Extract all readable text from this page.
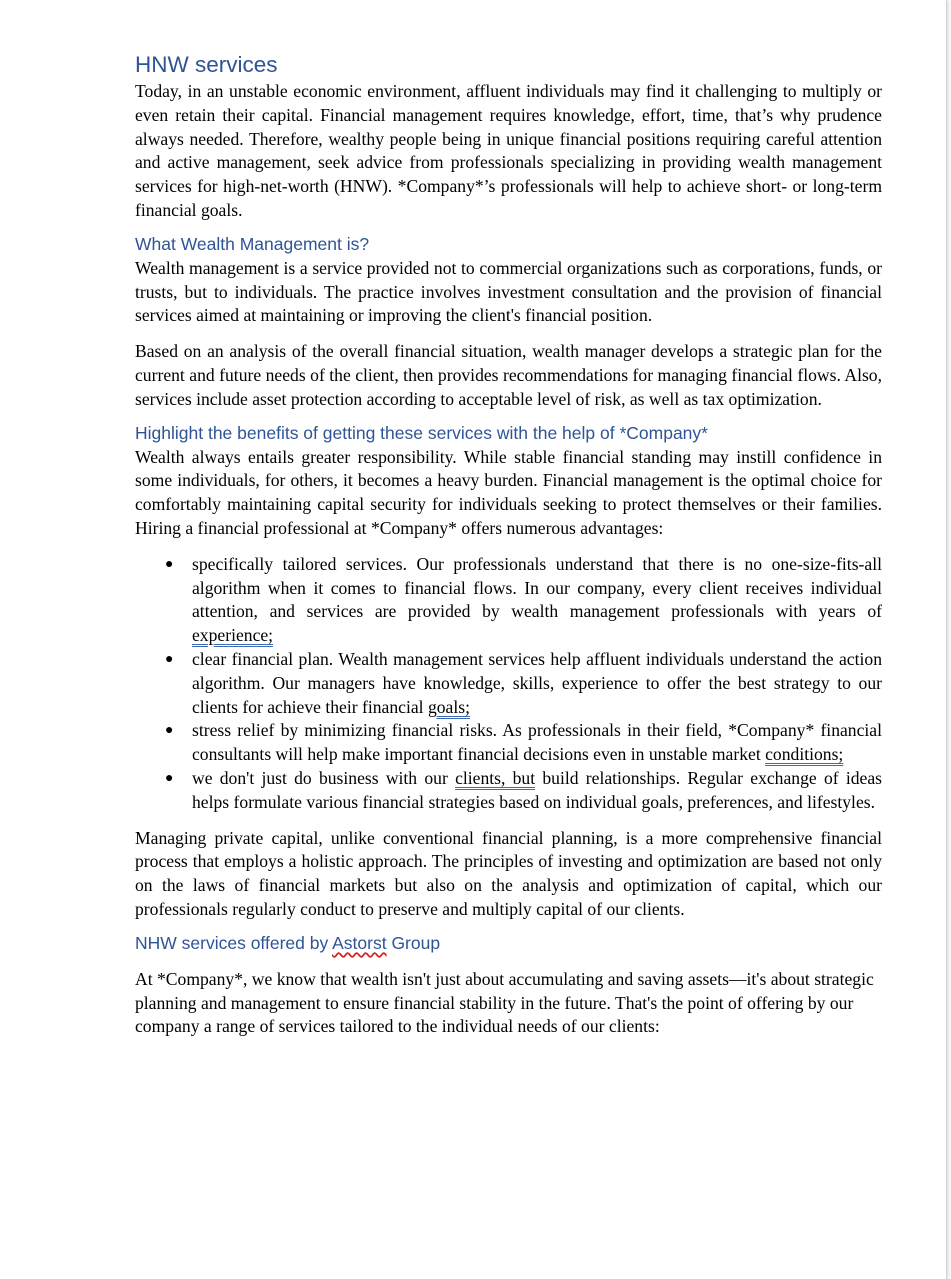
HNW services

Today, in an unstable economic environment, affluent individuals may find it challenging to multiply or even retain their capital. Financial management requires knowledge, effort, time, that’s why prudence always needed. Therefore, wealthy people being in unique financial positions requiring careful attention and active management, seek advice from professionals specializing in providing wealth management services for high-net-worth (HNW). *Company*’s professionals will help to achieve short- or long-term financial goals.

What Wealth Management is?

Wealth management is a service provided not to commercial organizations such as corporations, funds, or trusts, but to individuals. The practice involves investment consultation and the provision of financial services aimed at maintaining or improving the client's financial position.

Based on an analysis of the overall financial situation, wealth manager develops a strategic plan for the current and future needs of the client, then provides recommendations for managing financial flows. Also, services include asset protection according to acceptable level of risk, as well as tax optimization.

Highlight the benefits of getting these services with the help of *Company*

Wealth always entails greater responsibility. While stable financial standing may instill confidence in some individuals, for others, it becomes a heavy burden. Financial management is the optimal choice for comfortably maintaining capital security for individuals seeking to protect themselves or their families. Hiring a financial professional at *Company* offers numerous advantages:

● specifically tailored services. Our professionals understand that there is no one-size-fits-all algorithm when it comes to financial flows. In our company, every client receives individual attention, and services are provided by wealth management professionals with years of experience;
● clear financial plan. Wealth management services help affluent individuals understand the action algorithm. Our managers have knowledge, skills, experience to offer the best strategy to our clients for achieve their financial goals;
● stress relief by minimizing financial risks. As professionals in their field, *Company* financial consultants will help make important financial decisions even in unstable market conditions;
● we don't just do business with our clients, but build relationships. Regular exchange of ideas helps formulate various financial strategies based on individual goals, preferences, and lifestyles.

Managing private capital, unlike conventional financial planning, is a more comprehensive financial process that employs a holistic approach. The principles of investing and optimization are based not only on the laws of financial markets but also on the analysis and optimization of capital, which our professionals regularly conduct to preserve and multiply capital of our clients.

NHW services offered by Astorst Group

At *Company*, we know that wealth isn't just about accumulating and saving assets—it's about strategic planning and management to ensure financial stability in the future. That's the point of offering by our company a range of services tailored to the individual needs of our clients:
